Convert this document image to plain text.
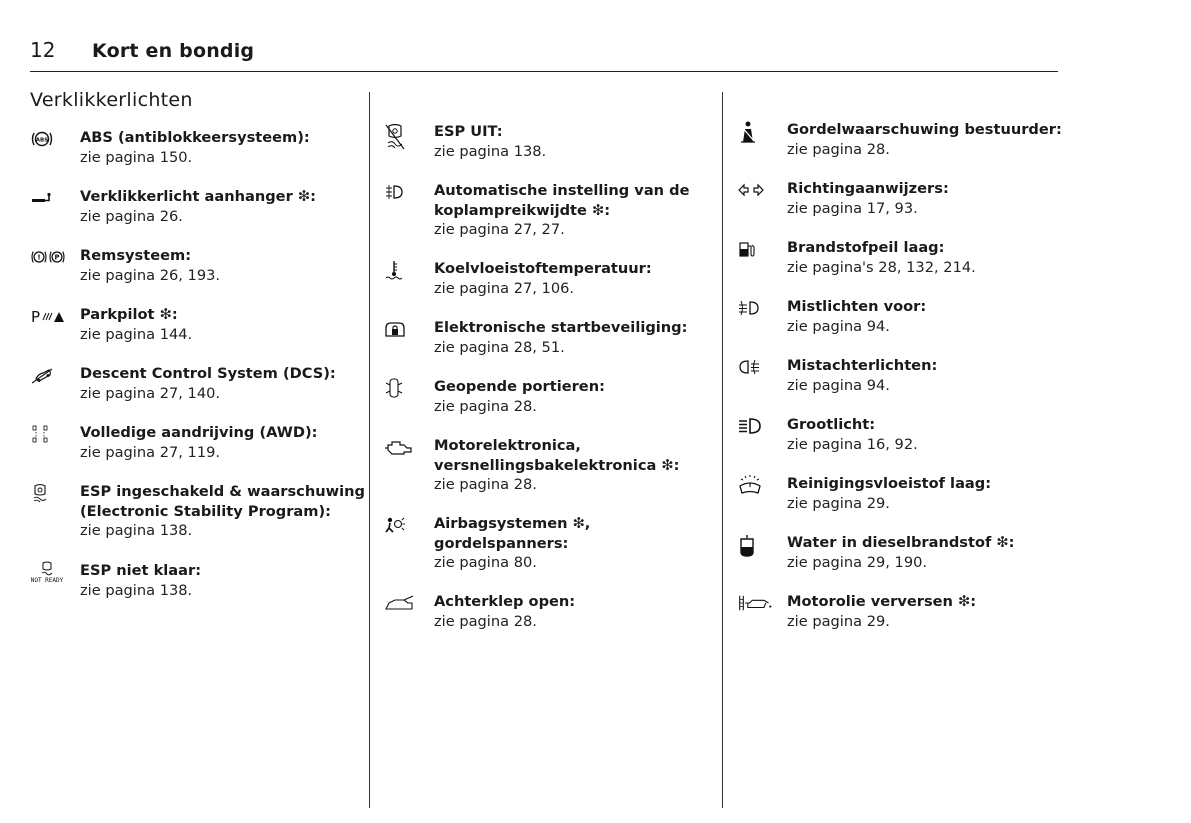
12	Kort en bondig
Verklikkerlichten
ABS ABS (antiblokkeersysteem):
zie pagina 150.
Verklikkerlicht aanhanger ❇:
zie pagina 26.
! P Remsysteem:
zie pagina 26, 193.
P	Parkpilot ❇:
zie pagina 144.
Descent Control System (DCS):
zie pagina 27, 140.
Volledige aandrijving (AWD):
zie pagina 27, 119.
ESP ingeschakeld & waarschuwing (Electronic Stability Program):
zie pagina 138.
NOT READY
ESP niet klaar:
zie pagina 138.
ESP UIT:
zie pagina 138.
Automatische instelling van de koplampreikwijdte ❇:
zie pagina 27, 27.
Koelvloeistoftemperatuur:
zie pagina 27, 106.
Elektronische startbeveiliging:
zie pagina 28, 51.
Geopende portieren:
zie pagina 28.
Motorelektronica, versnellingsbakelektronica ❇:
zie pagina 28.
Airbagsystemen ❇, gordelspanners:
zie pagina 80.
Achterklep open:
zie pagina 28.
Gordelwaarschuwing bestuurder:
zie pagina 28.
Richtingaanwijzers:
zie pagina 17, 93.
Brandstofpeil laag:
zie pagina's 28, 132, 214.
Mistlichten voor:
zie pagina 94.
Mistachterlichten:
zie pagina 94.
Grootlicht:
zie pagina 16, 92.
Reinigingsvloeistof laag:
zie pagina 29.
Water in dieselbrandstof ❇:
zie pagina 29, 190.
Motorolie verversen ❇:
zie pagina 29.
